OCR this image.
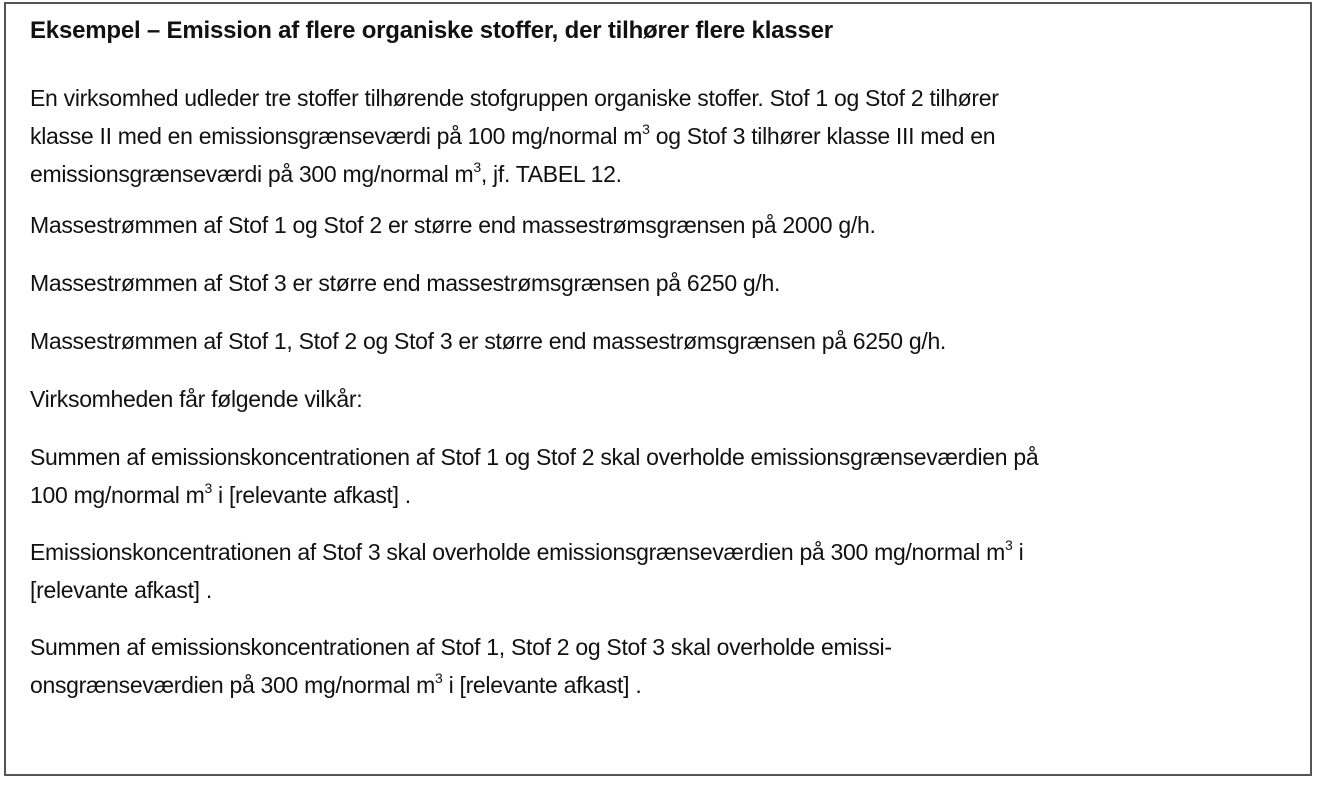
Eksempel – Emission af flere organiske stoffer, der tilhører flere klasser

En virksomhed udleder tre stoffer tilhørende stofgruppen organiske stoffer. Stof 1 og Stof 2 tilhører
klasse II med en emissionsgrænseværdi på 100 mg/normal $m^3$ og Stof 3 tilhører klasse III med en
emissionsgrænseværdi på 300 mg/normal $m^3$, jf. TABEL 12.

Massestrømmen af Stof 1 og Stof 2 er større end massestrømsgrænsen på 2000 g/h.

Massestrømmen af Stof 3 er større end massestrømsgrænsen på 6250 g/h.

Massestrømmen af Stof 1, Stof 2 og Stof 3 er større end massestrømsgrænsen på 6250 g/h.

Virksomheden får følgende vilkår:

Summen af emissionskoncentrationen af Stof 1 og Stof 2 skal overholde emissionsgrænseværdien på
100 mg/normal $m^3$ i [relevante afkast] .

Emissionskoncentrationen af Stof 3 skal overholde emissionsgrænseværdien på 300 mg/normal $m^3$ i
[relevante afkast] .

Summen af emissionskoncentrationen af Stof 1, Stof 2 og Stof 3 skal overholde emissi-
onsgrænseværdien på 300 mg/normal $m^3$ i [relevante afkast] .
